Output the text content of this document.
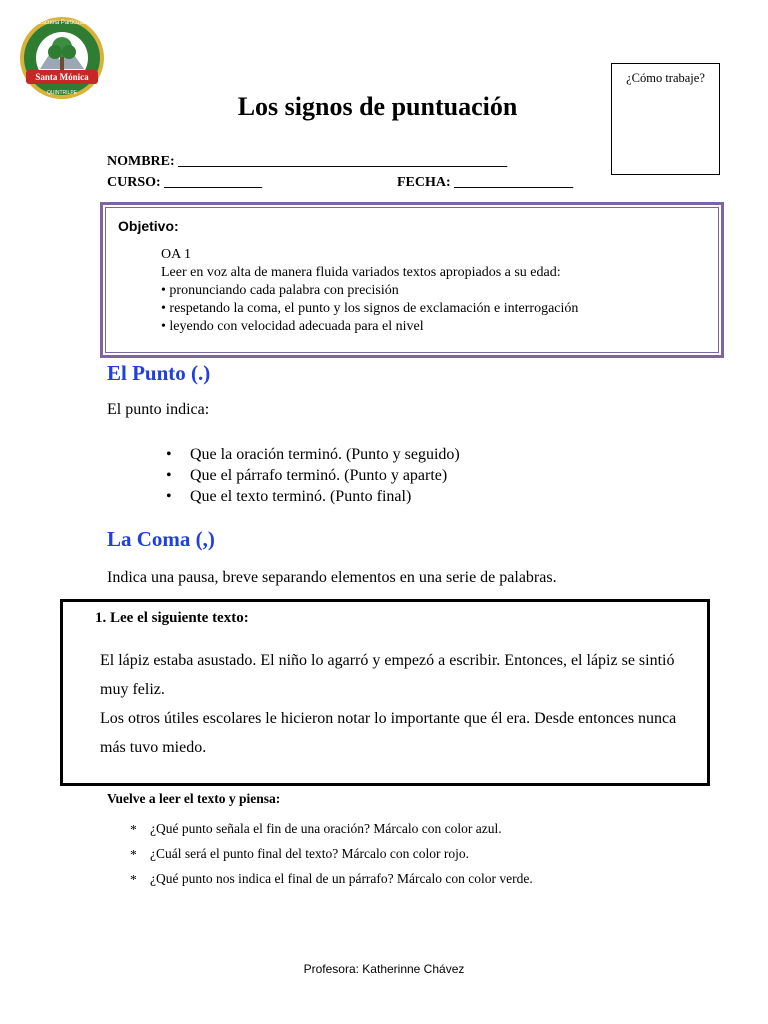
Escuela Particular
Santa Mónica
QUINTRILPE
¿Cómo trabaje?
Los signos de puntuación
NOMBRE: _______________________________________________
CURSO: ______________	FECHA: _________________
Objetivo:
OA 1
Leer en voz alta de manera fluida variados textos apropiados a su edad:
• pronunciando cada palabra con precisión
• respetando la coma, el punto y los signos de exclamación e interrogación
• leyendo con velocidad adecuada para el nivel
El Punto (.)
El punto indica:
• Que la oración terminó. (Punto y seguido)
• Que el párrafo terminó. (Punto y aparte)
• Que el texto terminó. (Punto final)
La Coma (,)
Indica una pausa, breve separando elementos en una serie de palabras.
1. Lee el siguiente texto:

El lápiz estaba asustado. El niño lo agarró y empezó a escribir. Entonces, el lápiz se sintió muy feliz.

Los otros útiles escolares le hicieron notar lo importante que él era. Desde entonces nunca más tuvo miedo.

Vuelve a leer el texto y piensa:
* ¿Qué punto señala el fin de una oración? Márcalo con color azul.
* ¿Cuál será el punto final del texto? Márcalo con color rojo.
* ¿Qué punto nos indica el final de un párrafo? Márcalo con color verde.
Profesora: Katherinne Chávez
